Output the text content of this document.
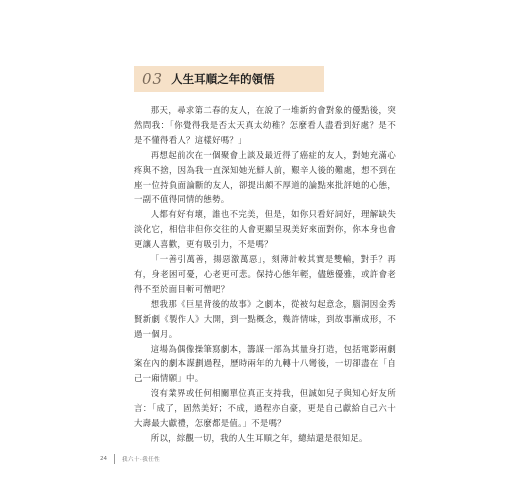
03 人生耳順之年的領悟

那天，尋求第二春的友人，在說了一堆新約會對象的優點後，突然問我：「你覺得我是否太天真太幼稚？怎麼看人盡看到好處？是不是不懂得看人？這樣好嗎？」

再想起前次在一個聚會上談及最近得了癌症的友人，對她充滿心疼與不捨，因為我一直深知她光鮮人前，艱辛人後的難處，想不到在座一位持負面論斷的友人，卻提出頗不厚道的論點來批評她的心態，一副不值得同情的態勢。

人都有好有壞，誰也不完美，但是，如你只看好詞好，理解缺失淡化它，相信非但你交往的人會更顯呈現美好來面對你，你本身也會更讓人喜歡，更有吸引力，不是嗎？

「一善引萬善，揚惡激萬惡」，刻薄計較其實是雙輸，對手？再有，身老困可憂，心老更可悲。保持心態年輕，儘態優雅，或許會老得不至於面目斬可憎吧？

想我那《巨星背後的故事》之劇本，從被勾起意念，腦洞因金秀賢新劇《製作人》大開，到一點概念，幾許情味，到故事漸成形，不過一個月。

這場為偶像操筆寫劇本，籌謀一部為其量身打造，包括電影兩劇案在內的劇本謀劃過程，歷時兩年的九轉十八彎後，一切卻盡在「自己一廂情願」中。

沒有業界或任何相關單位真正支持我，但誠如兒子與知心好友所言：「成了，固然美好；不成，過程亦自豪，更是自己獻給自己六十大壽最大獻禮，怎麼都是值。」不是嗎？

所以，綜觀一切，我的人生耳順之年，總結還是很知足。

24	我六十‧我任性
